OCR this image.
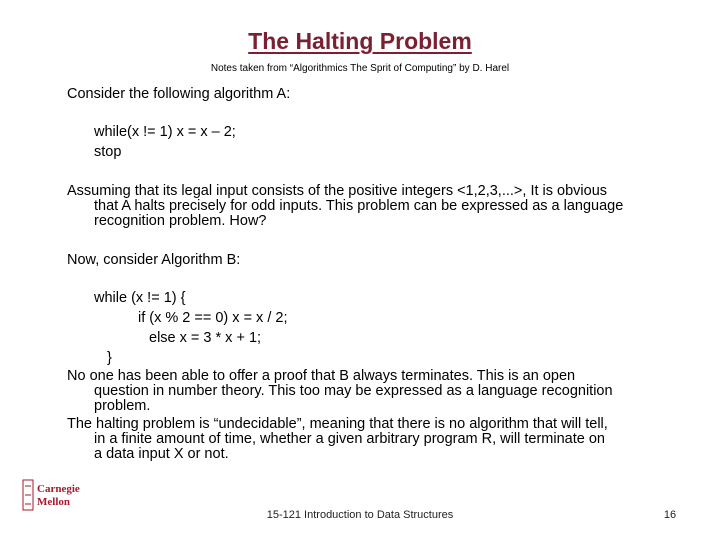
The Halting Problem
Notes taken from “Algorithmics The Sprit of Computing” by D. Harel
Consider the following algorithm A:
while(x != 1) x = x – 2;
stop
Assuming that its legal input consists of the positive integers <1,2,3,...>, It is obvious
that A halts precisely for odd inputs. This problem can be expressed as a language
recognition problem. How?
Now, consider Algorithm B:
while (x != 1) {
if (x % 2 == 0) x = x / 2;
else x = 3 * x + 1;
}
No one has been able to offer a proof that B always terminates. This is an open
question in number theory. This too may be expressed as a language recognition
problem.
The halting problem is “undecidable”, meaning that there is no algorithm that will tell,
in a finite amount of time, whether a given arbitrary program R, will terminate on
a data input X or not.
Carnegie
Mellon
15-121 Introduction to Data Structures	16
